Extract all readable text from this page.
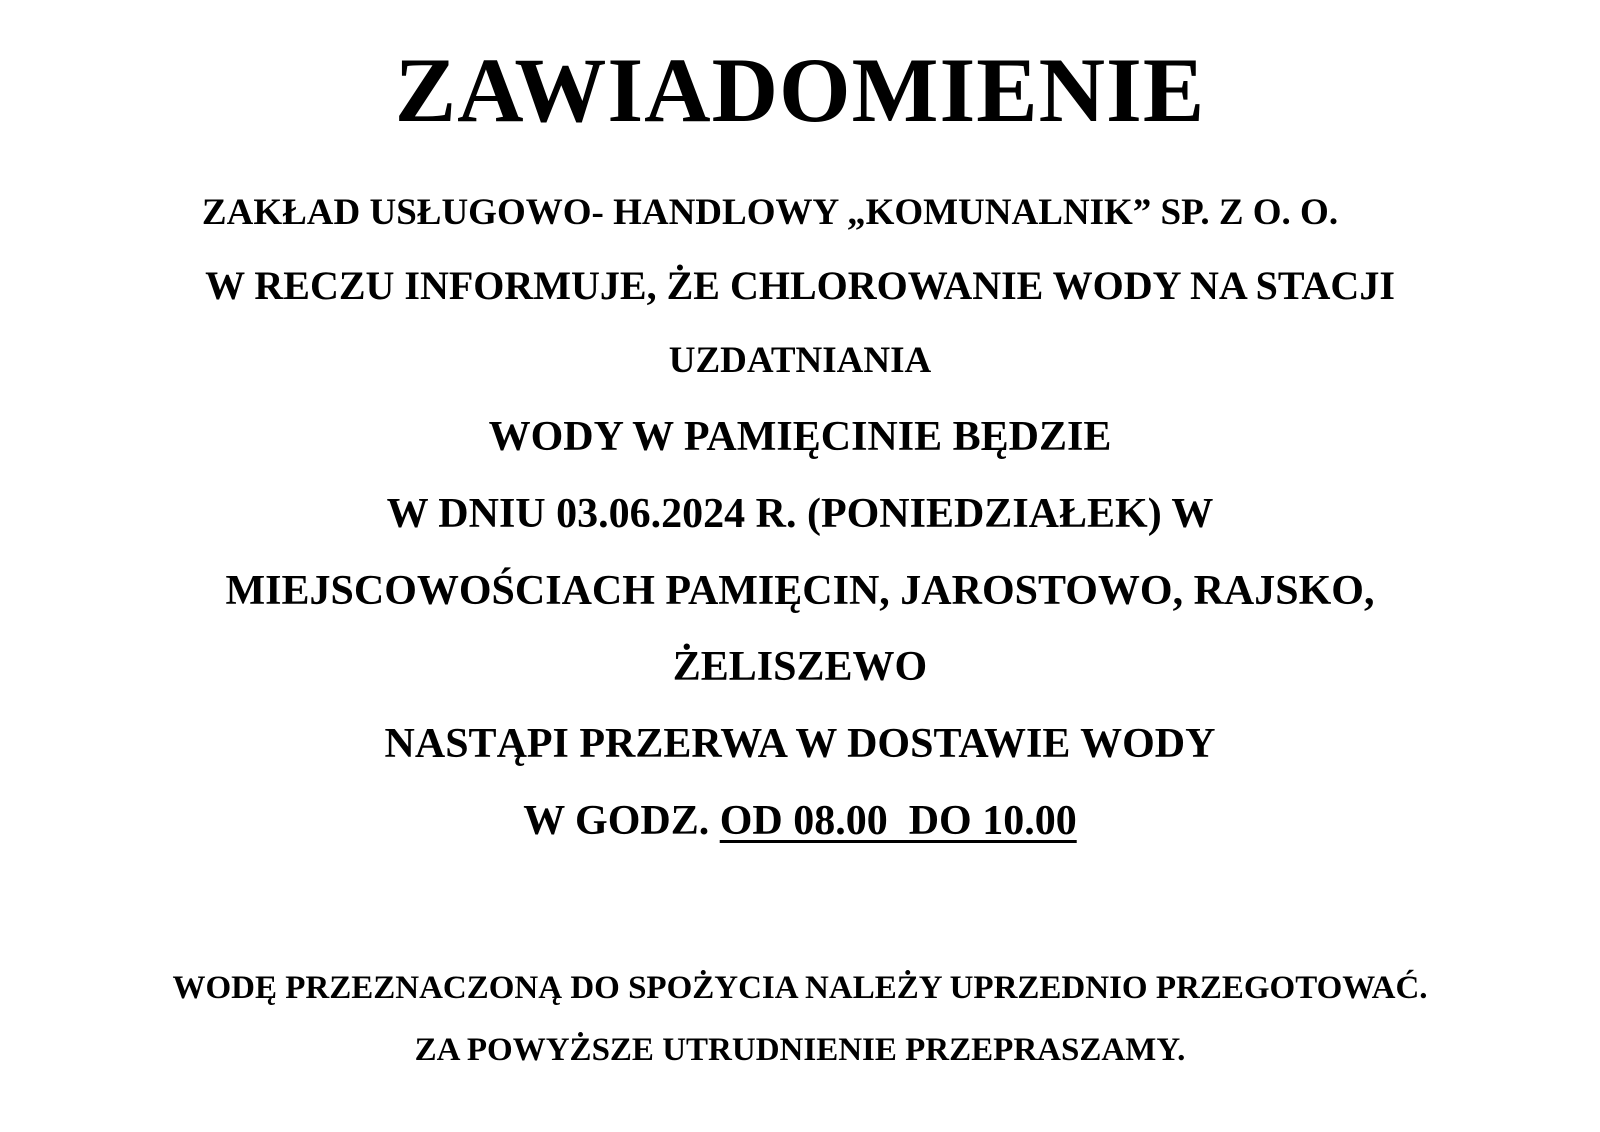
ZAWIADOMIENIE
ZAKŁAD USŁUGOWO- HANDLOWY „KOMUNALNIK” SP. Z O. O.
W RECZU INFORMUJE, ŻE CHLOROWANIE WODY NA STACJI
UZDATNIANIA
WODY W PAMIĘCINIE BĘDZIE
W DNIU 03.06.2024 R. (PONIEDZIAŁEK) W
MIEJSCOWOŚCIACH PAMIĘCIN, JAROSTOWO, RAJSKO,
ŻELISZEWO
NASTĄPI PRZERWA W DOSTAWIE WODY
W GODZ. OD 08.00  DO 10.00
WODĘ PRZEZNACZONĄ DO SPOŻYCIA NALEŻY UPRZEDNIO PRZEGOTOWAĆ.
ZA POWYŻSZE UTRUDNIENIE PRZEPRASZAMY.
